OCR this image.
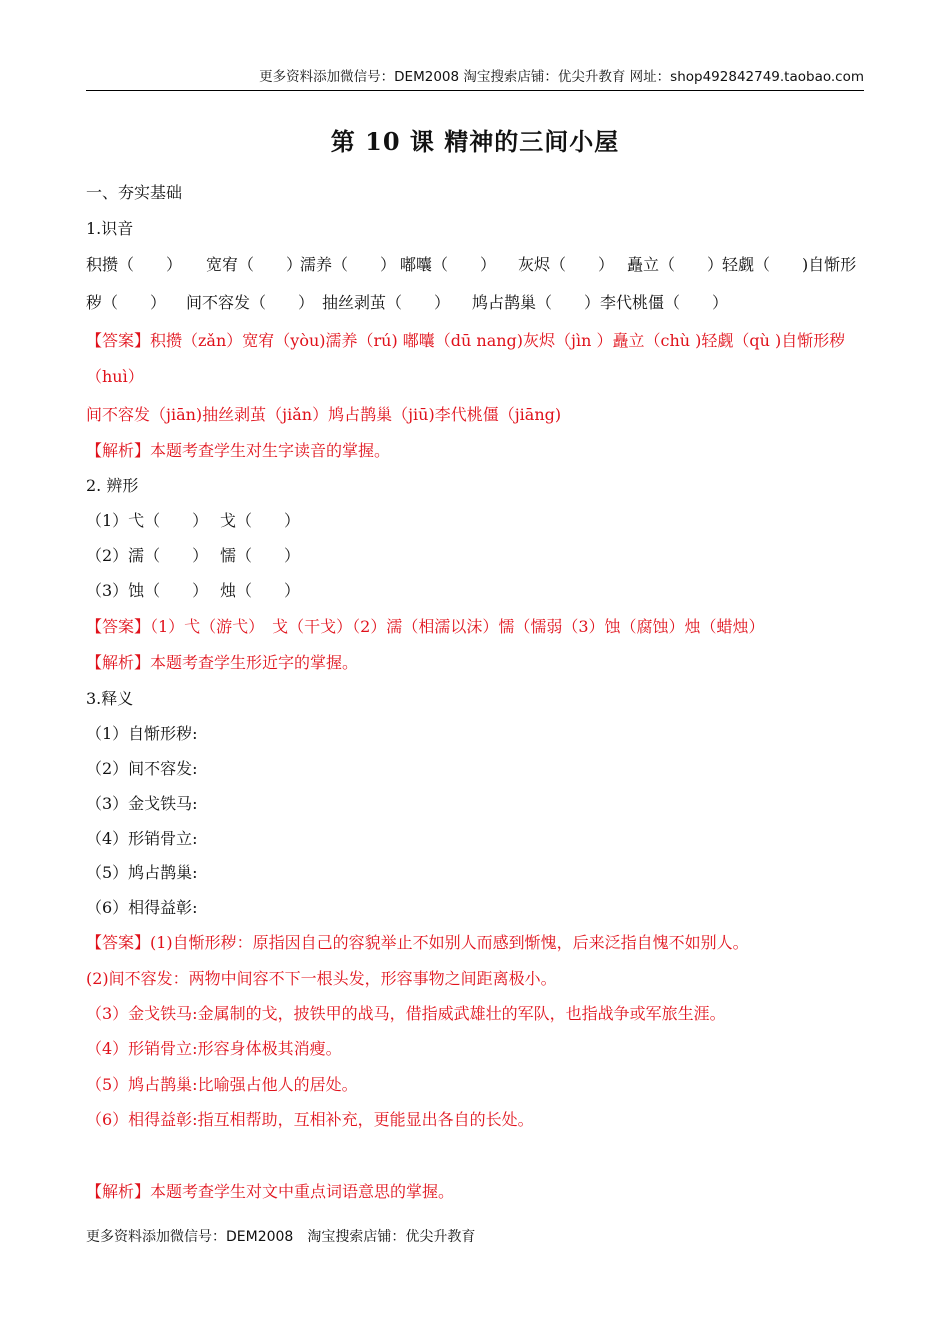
更多资料添加微信号：DEM2008 淘宝搜索店铺：优尖升教育 网址：shop492842749.taobao.com
第 10 课 精神的三间小屋
一、夯实基础
1.识音
积攒（　　） 宽宥（　　）
濡养（　　） 嘟囔（　　） 灰烬（　　） 矗立（　　）
轻觑（　　)自惭形
秽（　　） 间不容发（　　） 抽丝剥茧（　　） 鸠占鹊巢（　　） 李代桃僵（　　）
【答案】积攒（zǎn）宽宥（yòu)濡养（rú) 嘟囔（dū nang)灰烬（jìn ）矗立（chù )轻觑（qù )自惭形秽
（huì）
间不容发（jiān)抽丝剥茧（jiǎn）鸠占鹊巢（jiū)李代桃僵（jiāng)
【解析】本题考查学生对生字读音的掌握。
2. 辨形
（1）弋（　　） 戈（　　）
（2）濡（　　） 懦（　　）
（3）蚀（　　） 烛（　　）
【答案】（1）弋（游弋）　戈（干戈）（2）濡（相濡以沫）懦（懦弱（3）蚀（腐蚀）烛（蜡烛）
【解析】本题考查学生形近字的掌握。
3.释义
（1）自惭形秽:
（2）间不容发:
（3）金戈铁马:
（4）形销骨立:
（5）鸠占鹊巢:
（6）相得益彰:
【答案】(1)自惭形秽：原指因自己的容貌举止不如别人而感到惭愧，后来泛指自愧不如别人。
(2)间不容发：两物中间容不下一根头发，形容事物之间距离极小。
（3）金戈铁马:金属制的戈，披铁甲的战马，借指威武雄壮的军队，也指战争或军旅生涯。
（4）形销骨立:形容身体极其消瘦。
（5）鸠占鹊巢:比喻强占他人的居处。
（6）相得益彰:指互相帮助，互相补充，更能显出各自的长处。
【解析】本题考查学生对文中重点词语意思的掌握。
更多资料添加微信号：DEM2008　淘宝搜索店铺：优尖升教育
